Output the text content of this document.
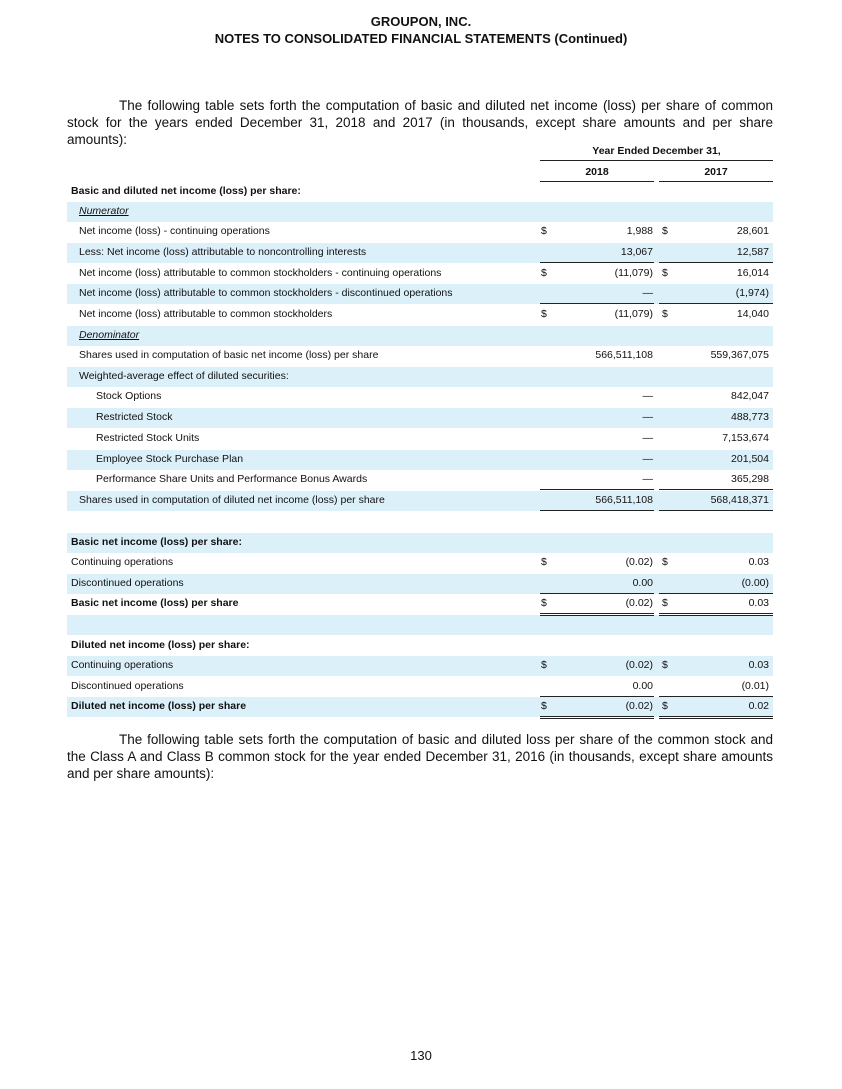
GROUPON, INC.
NOTES TO CONSOLIDATED FINANCIAL STATEMENTS (Continued)
The following table sets forth the computation of basic and diluted net income (loss) per share of common stock for the years ended December 31, 2018 and 2017 (in thousands, except share amounts and per share amounts):
Year Ended December 31,
2018	2017
Basic and diluted net income (loss) per share:
Numerator
Net income (loss) - continuing operations	$	1,988 $	28,601
Less: Net income (loss) attributable to noncontrolling interests	13,067	12,587
Net income (loss) attributable to common stockholders - continuing operations	$	(11,079) $	16,014
Net income (loss) attributable to common stockholders - discontinued operations	—	(1,974)
Net income (loss) attributable to common stockholders	$	(11,079) $	14,040
Denominator
Shares used in computation of basic net income (loss) per share	566,511,108	559,367,075
Weighted-average effect of diluted securities:
Stock Options	—	842,047
Restricted Stock	—	488,773
Restricted Stock Units	—	7,153,674
Employee Stock Purchase Plan	—	201,504
Performance Share Units and Performance Bonus Awards	—	365,298
Shares used in computation of diluted net income (loss) per share	566,511,108	568,418,371
Basic net income (loss) per share:
Continuing operations	$	(0.02) $	0.03
Discontinued operations	0.00	(0.00)
Basic net income (loss) per share	$	(0.02) $	0.03
Diluted net income (loss) per share:
Continuing operations	$	(0.02) $	0.03
Discontinued operations	0.00	(0.01)
Diluted net income (loss) per share	$	(0.02) $	0.02
The following table sets forth the computation of basic and diluted loss per share of the common stock and the Class A and Class B common stock for the year ended December 31, 2016 (in thousands, except share amounts and per share amounts):
130
